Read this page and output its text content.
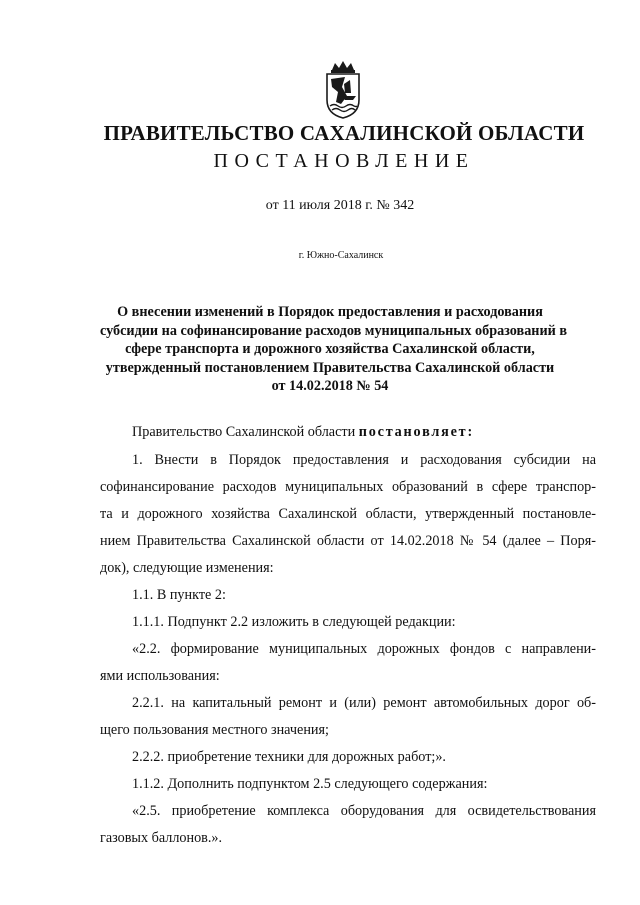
ПРАВИТЕЛЬСТВО САХАЛИНСКОЙ ОБЛАСТИ
ПОСТАНОВЛЕНИЕ
от 11 июля 2018 г. № 342
г. Южно-Сахалинск
О внесении изменений в Порядок предоставления и расходования
субсидии на софинансирование расходов муниципальных образований в
сфере транспорта и дорожного хозяйства Сахалинской области,
утвержденный постановлением Правительства Сахалинской области
от 14.02.2018 № 54
Правительство Сахалинской области постановляет:
1. Внести в Порядок предоставления и расходования субсидии на
софинансирование расходов муниципальных образований в сфере транспор-
та и дорожного хозяйства Сахалинской области, утвержденный постановле-
нием Правительства Сахалинской области от 14.02.2018 № 54 (далее – Поря-
док), следующие изменения:
1.1. В пункте 2:
1.1.1. Подпункт 2.2 изложить в следующей редакции:
«2.2. формирование муниципальных дорожных фондов с направлени-
ями использования:
2.2.1. на капитальный ремонт и (или) ремонт автомобильных дорог об-
щего пользования местного значения;
2.2.2. приобретение техники для дорожных работ;».
1.1.2. Дополнить подпунктом 2.5 следующего содержания:
«2.5. приобретение комплекса оборудования для освидетельствования
газовых баллонов.».
